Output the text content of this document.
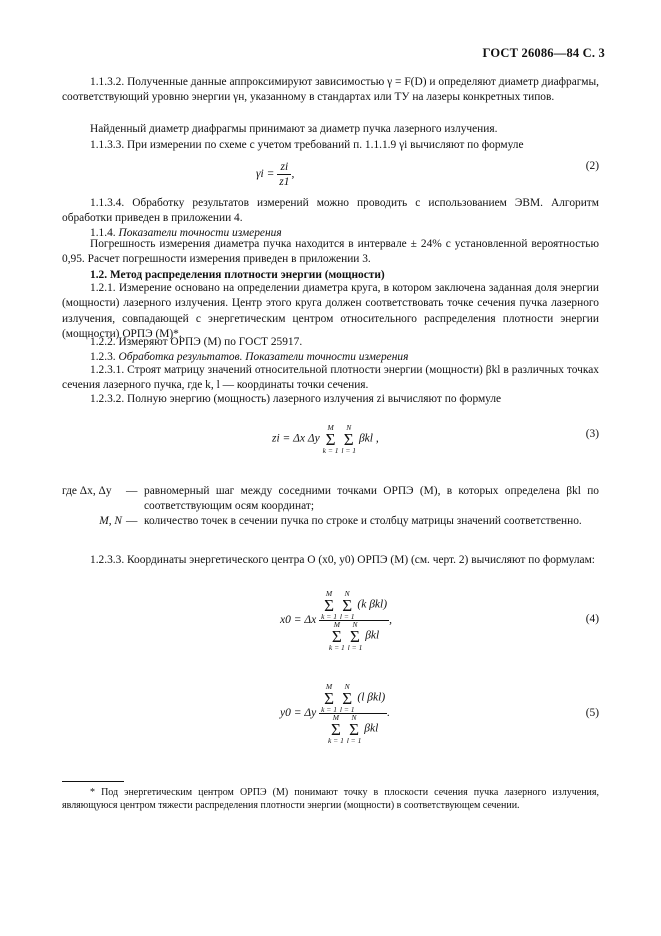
ГОСТ 26086—84 С. 3
1.1.3.2. Полученные данные аппроксимируют зависимостью γ = F(D) и определяют диаметр диафрагмы, соответствующий уровню энергии γн, указанному в стандартах или ТУ на лазеры конкретных типов.
Найденный диаметр диафрагмы принимают за диаметр пучка лазерного излучения.
1.1.3.3. При измерении по схеме с учетом требований п. 1.1.1.9 γi вычисляют по формуле
$\gamma i = \frac{zi}{z1}$ ,
(2)
1.1.3.4. Обработку результатов измерений можно проводить с использованием ЭВМ. Алгоритм обработки приведен в приложении 4.
1.1.4. Показатели точности измерения
Погрешность измерения диаметра пучка находится в интервале ± 24% с установленной вероятностью 0,95. Расчет погрешности измерения приведен в приложении 3.
1.2. Метод распределения плотности энергии (мощности)
1.2.1. Измерение основано на определении диаметра круга, в котором заключена заданная доля энергии (мощности) лазерного излучения. Центр этого круга должен соответствовать точке сечения пучка лазерного излучения, совпадающей с энергетическим центром относительного распределения плотности энергии (мощности) ОРПЭ (М)*.
1.2.2. Измеряют ОРПЭ (М) по ГОСТ 25917.
1.2.3. Обработка результатов. Показатели точности измерения
1.2.3.1. Строят матрицу значений относительной плотности энергии (мощности) βkl в различных точках сечения лазерного пучка, где k, l — координаты точки сечения.
1.2.3.2. Полную энергию (мощность) лазерного излучения zi вычисляют по формуле
zi = Δx Δy
M
Σ
k = 1

N
Σ
l = 1
βkl ,	(3)
где Δx, Δy	— равномерный шаг между соседними точками ОРПЭ (М), в которых определена βkl по соответствующим осям координат;
M, N — количество точек в сечении пучка по строке и столбцу матрицы значений соответственно.
1.2.3.3. Координаты энергетического центра O (x0, y0) ОРПЭ (М) (см. черт. 2) вычисляют по формулам:
x0 = Δx
M
Σ
k = 1

N
Σ
l = 1
(k βkl)
M
Σ
k = 1

N
Σ
l = 1
βkl
,	(4)
y0 = Δy
M
Σ
k = 1

N
Σ
l = 1
(l βkl)
M
Σ
k = 1

N
Σ
l = 1
βkl
.	(5)
* Под энергетическим центром ОРПЭ (М) понимают точку в плоскости сечения пучка лазерного излучения, являющуюся центром тяжести распределения плотности энергии (мощности) в соответствующем сечении.
